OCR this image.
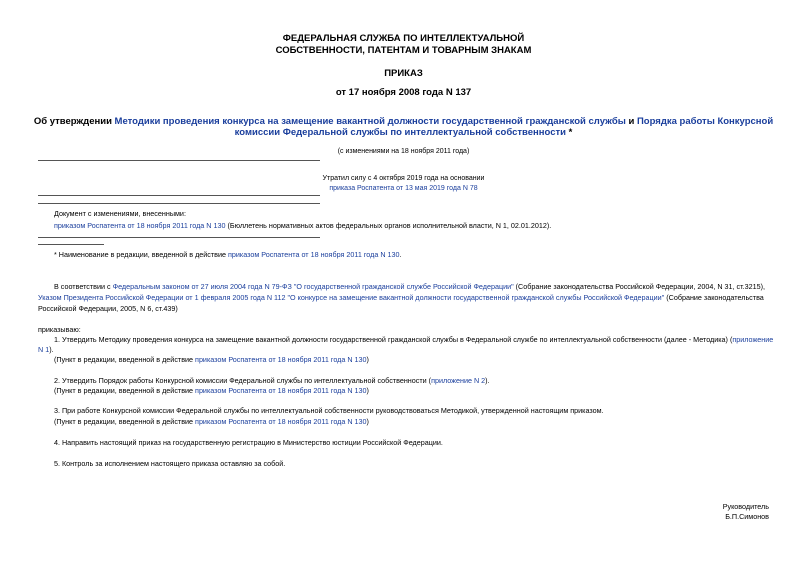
ФЕДЕРАЛЬНАЯ СЛУЖБА ПО ИНТЕЛЛЕКТУАЛЬНОЙ
СОБСТВЕННОСТИ, ПАТЕНТАМ И ТОВАРНЫМ ЗНАКАМ
ПРИКАЗ
от 17 ноября 2008 года N 137
Об утверждении Методики проведения конкурса на замещение вакантной должности государственной гражданской службы и Порядка работы Конкурсной
комиссии Федеральной службы по интеллектуальной собственности *
(с изменениями на 18 ноября 2011 года)
Утратил силу с 4 октября 2019 года на основании
приказа Роспатента от 13 мая 2019 года N 78
Документ с изменениями, внесенными:
приказом Роспатента от 18 ноября 2011 года N 130 (Бюллетень нормативных актов федеральных органов исполнительной власти, N 1, 02.01.2012).
* Наименование в редакции, введенной в действие приказом Роспатента от 18 ноября 2011 года N 130.
В соответствии с Федеральным законом от 27 июля 2004 года N 79-ФЗ "О государственной гражданской службе Российской Федерации" (Собрание законодательства Российской Федерации, 2004, N 31, ст.3215),
Указом Президента Российской Федерации от 1 февраля 2005 года N 112 "О конкурсе на замещение вакантной должности государственной гражданской службы Российской Федерации" (Собрание законодательства
Российской Федерации, 2005, N 6, ст.439)
приказываю:
1. Утвердить Методику проведения конкурса на замещение вакантной должности государственной гражданской службы в Федеральной службе по интеллектуальной собственности (далее - Методика) (приложение
N 1).
(Пункт в редакции, введенной в действие приказом Роспатента от 18 ноября 2011 года N 130)
2. Утвердить Порядок работы Конкурсной комиссии Федеральной службы по интеллектуальной собственности (приложение N 2).
(Пункт в редакции, введенной в действие приказом Роспатента от 18 ноября 2011 года N 130)
3. При работе Конкурсной комиссии Федеральной службы по интеллектуальной собственности руководствоваться Методикой, утвержденной настоящим приказом.
(Пункт в редакции, введенной в действие приказом Роспатента от 18 ноября 2011 года N 130)
4. Направить настоящий приказ на государственную регистрацию в Министерство юстиции Российской Федерации.
5. Контроль за исполнением настоящего приказа оставляю за собой.
Руководитель
Б.П.Симонов
